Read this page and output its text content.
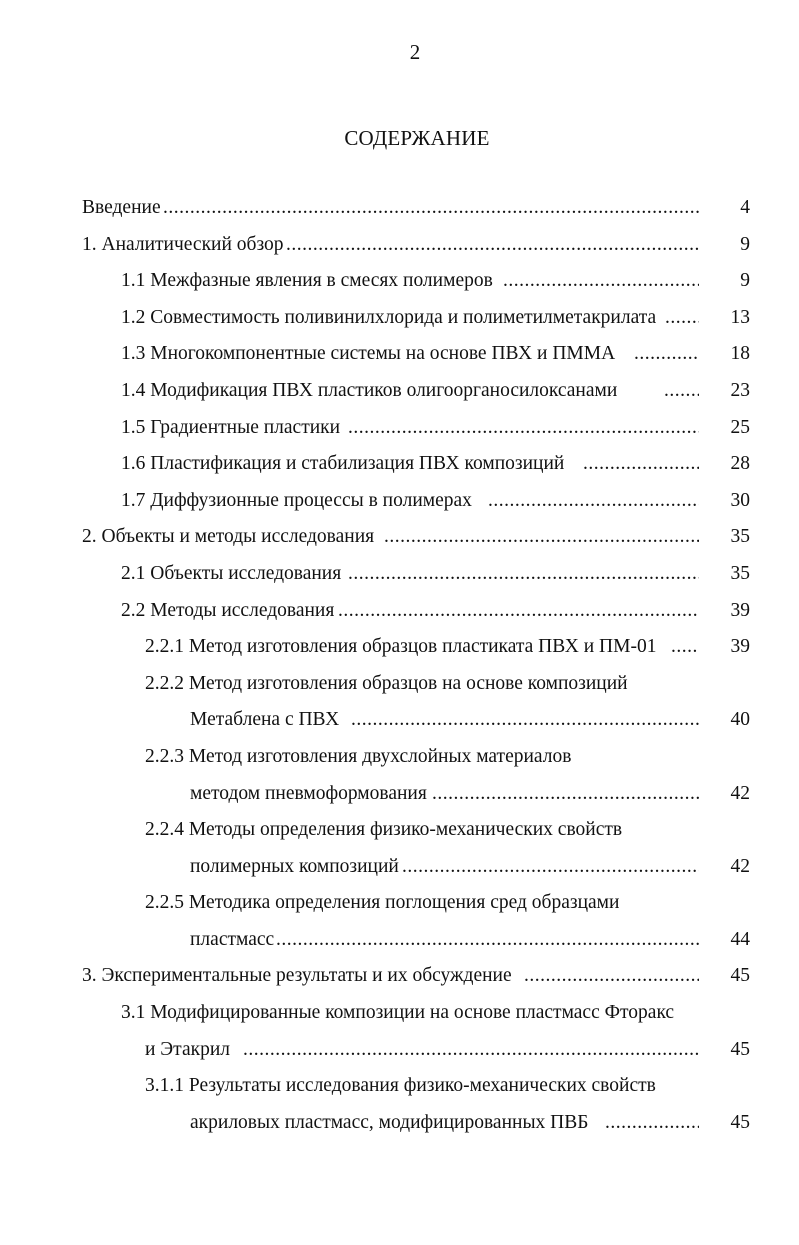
2
СОДЕРЖАНИЕ
Введение .....	4
1. Аналитический обзор .....	9
1.1 Межфазные явления в смесях полимеров .....	9
1.2 Совместимость поливинилхлорида и полиметилметакрилата .....	13
1.3 Многокомпонентные системы на основе ПВХ и ПММА .....	18
1.4 Модификация ПВХ пластиков олигоорганосилоксанами .....	23
1.5 Градиентные пластики .....	25
1.6 Пластификация и стабилизация ПВХ композиций .....	28
1.7 Диффузионные процессы в полимерах .....	30
2. Объекты и методы исследования .....	35
2.1 Объекты исследования .....	35
2.2 Методы исследования .....	39
2.2.1 Метод изготовления образцов пластиката ПВХ и ПМ-01 .....	39
2.2.2 Метод изготовления образцов на основе композиций
Метаблена с ПВХ .....	40
2.2.3 Метод изготовления двухслойных материалов
методом пневмоформования .....	42
2.2.4 Методы определения физико-механических свойств
полимерных композиций .....	42
2.2.5 Методика определения поглощения сред образцами
пластмасс .....	44
3. Экспериментальные результаты и их обсуждение .....	45
3.1 Модифицированные композиции на основе пластмасс Фторакс
и Этакрил .....	45
3.1.1 Результаты исследования физико-механических свойств
акриловых пластмасс, модифицированных ПВБ .....	45
